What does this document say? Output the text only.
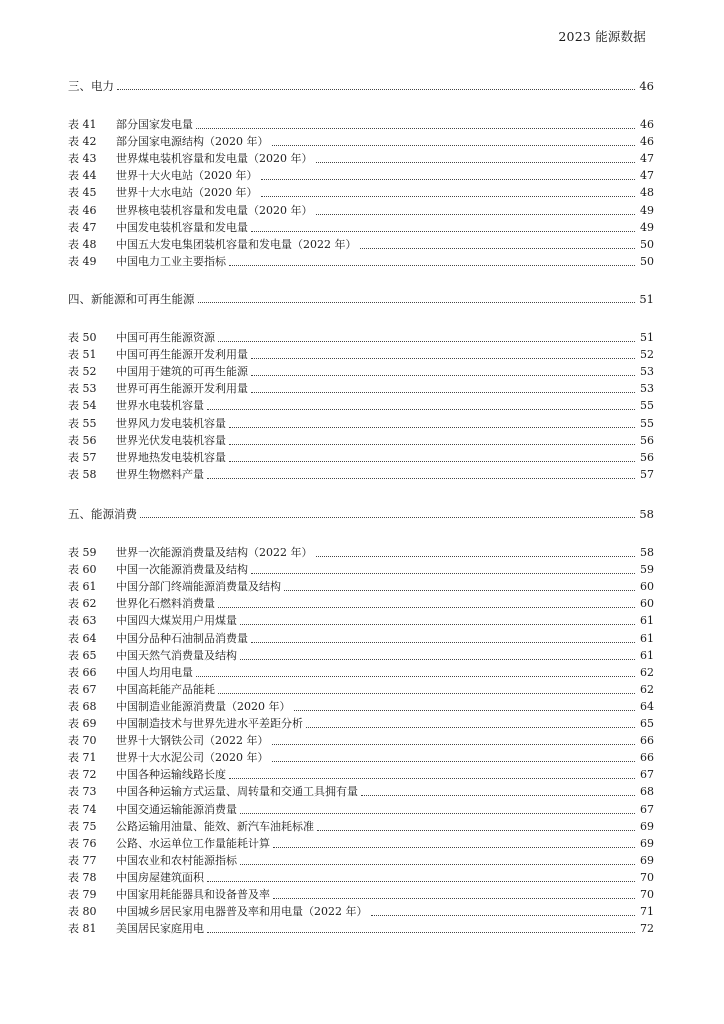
2023 能源数据
三、电力	46
表 41	部分国家发电量	46
表 42	部分国家电源结构（2020 年）	46
表 43	世界煤电装机容量和发电量（2020 年）	47
表 44	世界十大火电站（2020 年）	47
表 45	世界十大水电站（2020 年）	48
表 46	世界核电装机容量和发电量（2020 年）	49
表 47	中国发电装机容量和发电量	49
表 48	中国五大发电集团装机容量和发电量（2022 年）	50
表 49	中国电力工业主要指标	50
四、新能源和可再生能源	51
表 50	中国可再生能源资源	51
表 51	中国可再生能源开发利用量	52
表 52	中国用于建筑的可再生能源	53
表 53	世界可再生能源开发利用量	53
表 54	世界水电装机容量	55
表 55	世界风力发电装机容量	55
表 56	世界光伏发电装机容量	56
表 57	世界地热发电装机容量	56
表 58	世界生物燃料产量	57
五、能源消费	58
表 59	世界一次能源消费量及结构（2022 年）	58
表 60	中国一次能源消费量及结构	59
表 61	中国分部门终端能源消费量及结构	60
表 62	世界化石燃料消费量	60
表 63	中国四大煤炭用户用煤量	61
表 64	中国分品种石油制品消费量	61
表 65	中国天然气消费量及结构	61
表 66	中国人均用电量	62
表 67	中国高耗能产品能耗	62
表 68	中国制造业能源消费量（2020 年）	64
表 69	中国制造技术与世界先进水平差距分析	65
表 70	世界十大钢铁公司（2022 年）	66
表 71	世界十大水泥公司（2020 年）	66
表 72	中国各种运输线路长度	67
表 73	中国各种运输方式运量、周转量和交通工具拥有量	68
表 74	中国交通运输能源消费量	67
表 75	公路运输用油量、能效、新汽车油耗标准	69
表 76	公路、水运单位工作量能耗计算	69
表 77	中国农业和农村能源指标	69
表 78	中国房屋建筑面积	70
表 79	中国家用耗能器具和设备普及率	70
表 80	中国城乡居民家用电器普及率和用电量（2022 年）	71
表 81	美国居民家庭用电	72
